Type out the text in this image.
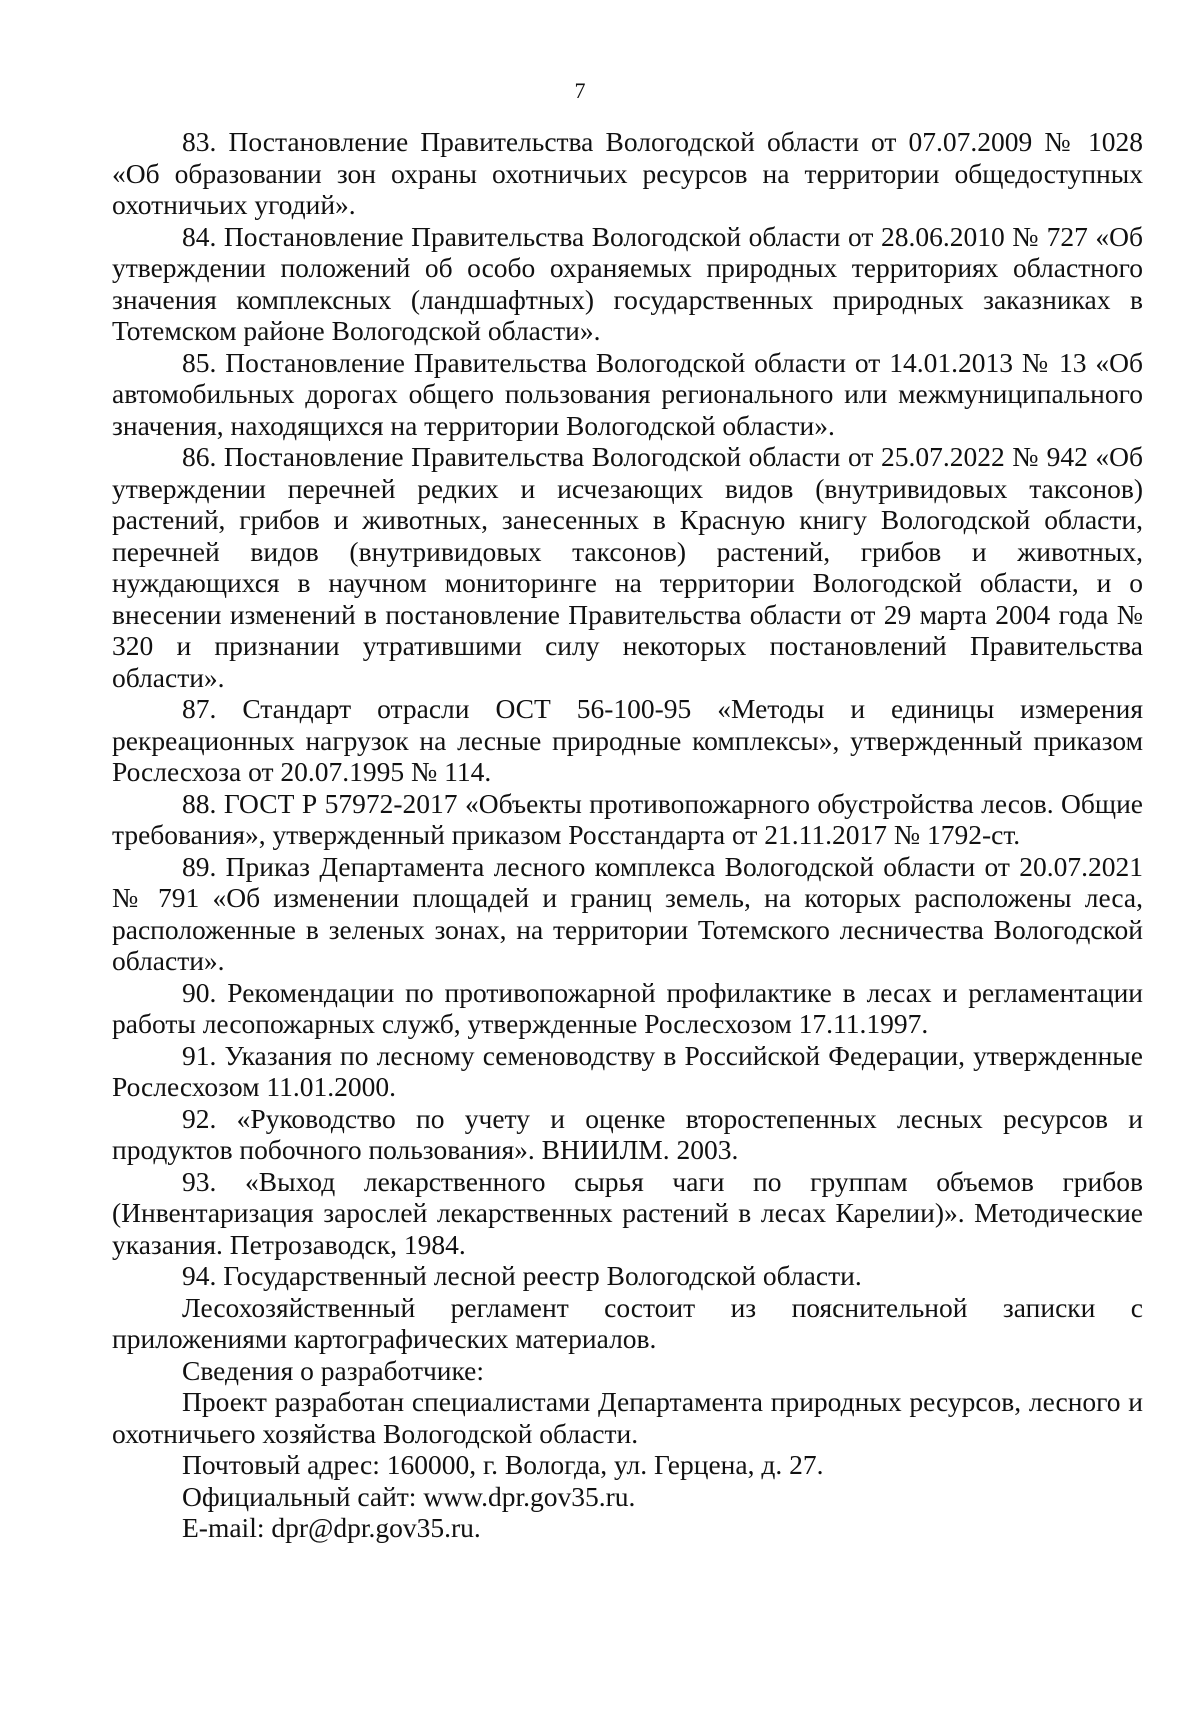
7

83. Постановление Правительства Вологодской области от 07.07.2009 № 1028 «Об образовании зон охраны охотничьих ресурсов на территории общедоступных охотничьих угодий».

84. Постановление Правительства Вологодской области от 28.06.2010 № 727 «Об утверждении положений об особо охраняемых природных территориях областного значения комплексных (ландшафтных) государственных природных заказниках в Тотемском районе Вологодской области».

85. Постановление Правительства Вологодской области от 14.01.2013 № 13 «Об автомобильных дорогах общего пользования регионального или межмуниципального значения, находящихся на территории Вологодской области».

86. Постановление Правительства Вологодской области от 25.07.2022 № 942 «Об утверждении перечней редких и исчезающих видов (внутривидовых таксонов) растений, грибов и животных, занесенных в Красную книгу Вологодской области, перечней видов (внутривидовых таксонов) растений, грибов и животных, нуждающихся в научном мониторинге на территории Вологодской области, и о внесении изменений в постановление Правительства области от 29 марта 2004 года № 320 и признании утратившими силу некоторых постановлений Правительства области».

87. Стандарт отрасли ОСТ 56-100-95 «Методы и единицы измерения рекреационных нагрузок на лесные природные комплексы», утвержденный приказом Рослесхоза от 20.07.1995 № 114.

88. ГОСТ Р 57972-2017 «Объекты противопожарного обустройства лесов. Общие требования», утвержденный приказом Росстандарта от 21.11.2017 № 1792-ст.

89. Приказ Департамента лесного комплекса Вологодской области от 20.07.2021 № 791 «Об изменении площадей и границ земель, на которых расположены леса, расположенные в зеленых зонах, на территории Тотемского лесничества Вологодской области».

90. Рекомендации по противопожарной профилактике в лесах и регламентации работы лесопожарных служб, утвержденные Рослесхозом 17.11.1997.

91. Указания по лесному семеноводству в Российской Федерации, утвержденные Рослесхозом 11.01.2000.

92. «Руководство по учету и оценке второстепенных лесных ресурсов и продуктов побочного пользования». ВНИИЛМ. 2003.

93. «Выход лекарственного сырья чаги по группам объемов грибов (Инвентаризация зарослей лекарственных растений в лесах Карелии)». Методические указания. Петрозаводск, 1984.

94. Государственный лесной реестр Вологодской области.

Лесохозяйственный регламент состоит из пояснительной записки с приложениями картографических материалов.

Сведения о разработчике:

Проект разработан специалистами Департамента природных ресурсов, лесного и охотничьего хозяйства Вологодской области.

Почтовый адрес: 160000, г. Вологда, ул. Герцена, д. 27.

Официальный сайт: www.dpr.gov35.ru.

E-mail: dpr@dpr.gov35.ru.
